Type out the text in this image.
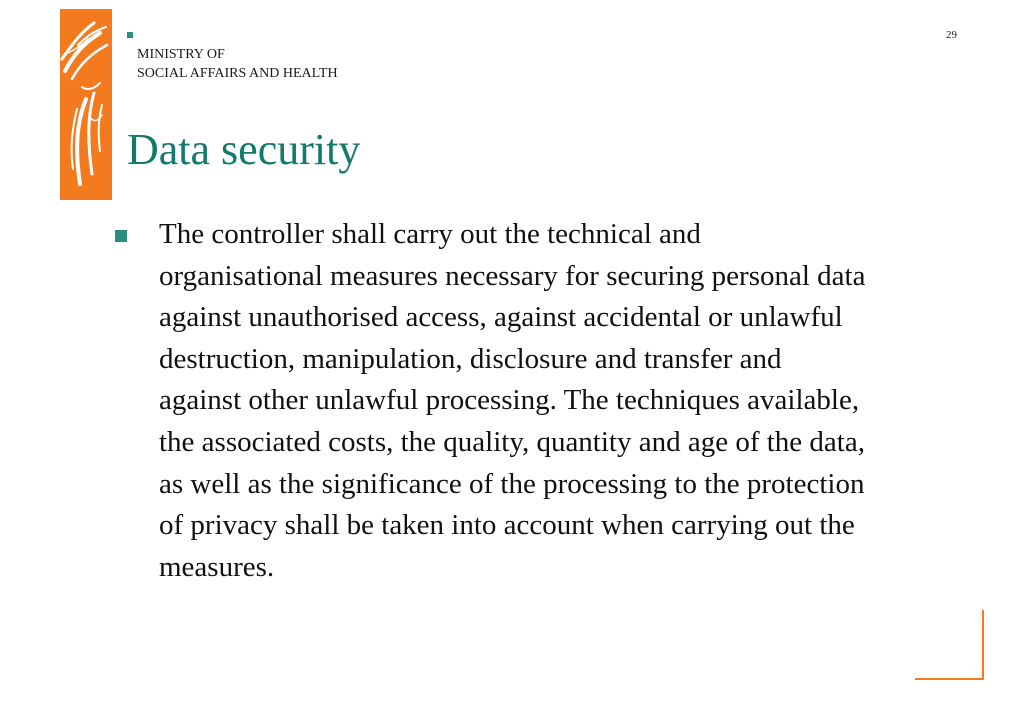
MINISTRY OF
SOCIAL AFFAIRS AND HEALTH
29
Data security

The controller shall carry out the technical and organisational measures necessary for securing personal data against unauthorised access, against accidental or unlawful destruction, manipulation, disclosure and transfer and against other unlawful processing. The techniques available, the associated costs, the quality, quantity and age of the data, as well as the significance of the processing to the protection of privacy shall be taken into account when carrying out the measures.
